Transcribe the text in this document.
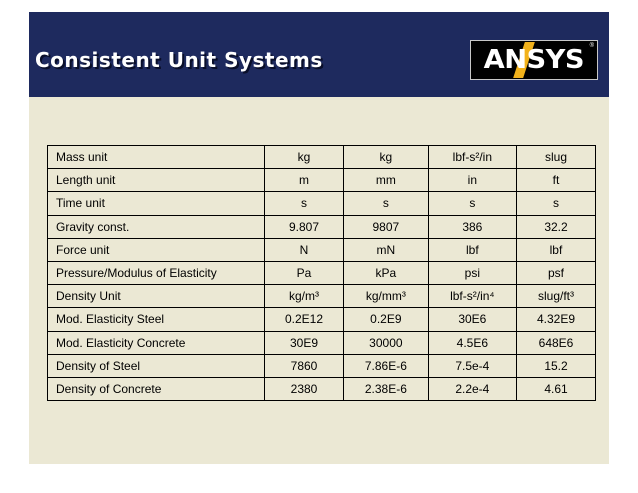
Consistent Unit Systems	ANSYS ®
Mass unit	kg	kg	lbf-s²/in	slug
Length unit	m	mm	in	ft
Time unit	s	s	s	s
Gravity const.	9.807	9807	386	32.2
Force unit	N	mN	lbf	lbf
Pressure/Modulus of Elasticity	Pa	kPa	psi	psf
Density Unit	kg/m³	kg/mm³	lbf-s²/in⁴	slug/ft³
Mod. Elasticity Steel	0.2E12	0.2E9	30E6	4.32E9
Mod. Elasticity Concrete	30E9	30000	4.5E6	648E6
Density of Steel	7860	7.86E-6	7.5e-4	15.2
Density of Concrete	2380	2.38E-6	2.2e-4	4.61
